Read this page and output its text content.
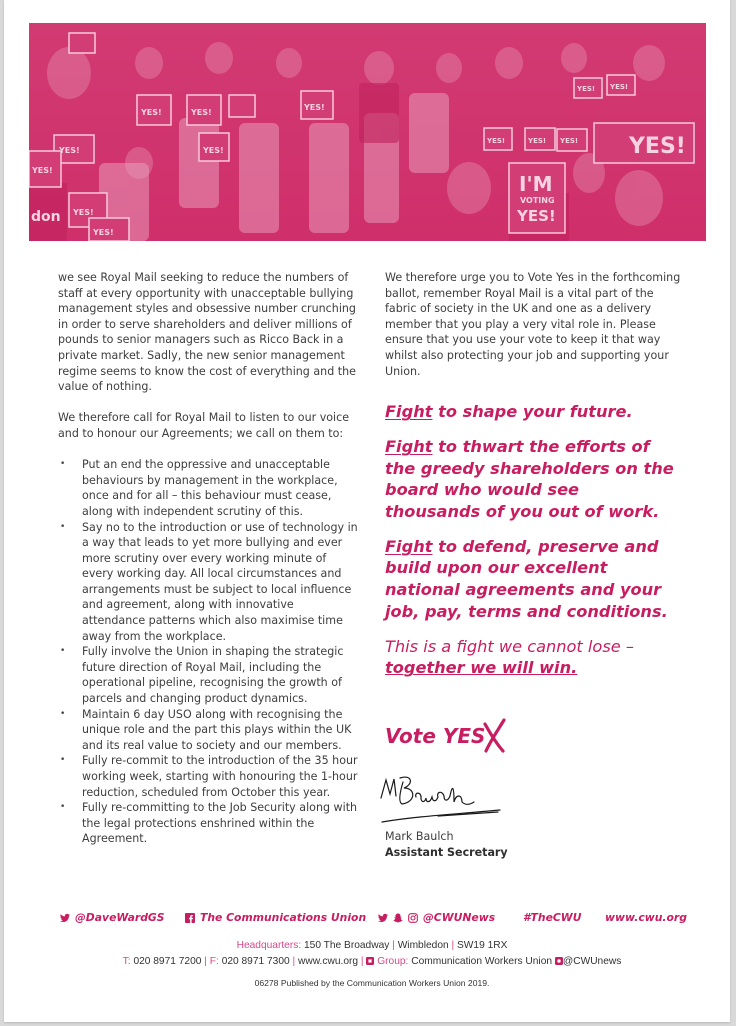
YES!	YES!
YES!
YES!
YES!
YES!
YES!
YES!
YES!	YES! YES!
YES! YES!
YES!
I'M
VOTING
YES!
don

we see Royal Mail seeking to reduce the numbers of staff at every opportunity with unacceptable bullying management styles and obsessive number crunching in order to serve shareholders and deliver millions of pounds to senior managers such as Ricco Back in a private market. Sadly, the new senior management regime seems to know the cost of everything and the value of nothing.

We therefore call for Royal Mail to listen to our voice and to honour our Agreements; we call on them to:

• Put an end the oppressive and unacceptable behaviours by management in the workplace, once and for all – this behaviour must cease, along with independent scrutiny of this.
• Say no to the introduction or use of technology in a way that leads to yet more bullying and ever more scrutiny over every working minute of every working day. All local circumstances and arrangements must be subject to local influence and agreement, along with innovative attendance patterns which also maximise time away from the workplace.
• Fully involve the Union in shaping the strategic future direction of Royal Mail, including the operational pipeline, recognising the growth of parcels and changing product dynamics.
• Maintain 6 day USO along with recognising the unique role and the part this plays within the UK and its real value to society and our members.
• Fully re-commit to the introduction of the 35 hour working week, starting with honouring the 1-hour reduction, scheduled from October this year.
• Fully re-committing to the Job Security along with the legal protections enshrined within the Agreement.

We therefore urge you to Vote Yes in the forthcoming ballot, remember Royal Mail is a vital part of the fabric of society in the UK and one as a delivery member that you play a very vital role in. Please ensure that you use your vote to keep it that way whilst also protecting your job and supporting your Union.

Fight to shape your future.

Fight to thwart the efforts of the greedy shareholders on the board who would see thousands of you out of work.

Fight to defend, preserve and build upon our excellent national agreements and your job, pay, terms and conditions.

This is a fight we cannot lose –
together we will win.
Vote YES
Mark Baulch
Assistant Secretary
@DaveWardGS	The Communications Union	@CWUNews	#TheCWU www.cwu.org
Headquarters: 150 The Broadway | Wimbledon | SW19 1RX
T: 020 8971 7200 | F: 020 8971 7300 | www.cwu.org | Group: Communication Workers Union @CWUnews
06278 Published by the Communication Workers Union 2019.
